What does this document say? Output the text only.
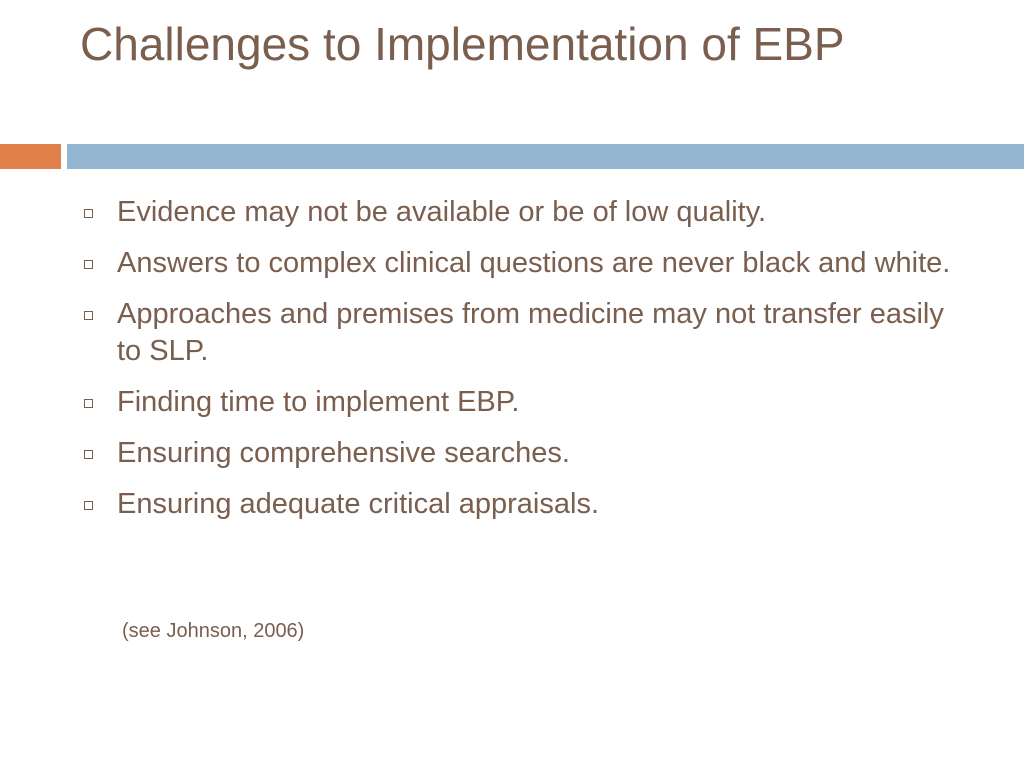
Challenges to Implementation of EBP
Evidence may not be available or be of low quality.
Answers to complex clinical questions are never black and white.
Approaches and premises from medicine may not transfer easily to SLP.
Finding time to implement EBP.
Ensuring comprehensive searches.
Ensuring adequate critical appraisals.

(see Johnson, 2006)
